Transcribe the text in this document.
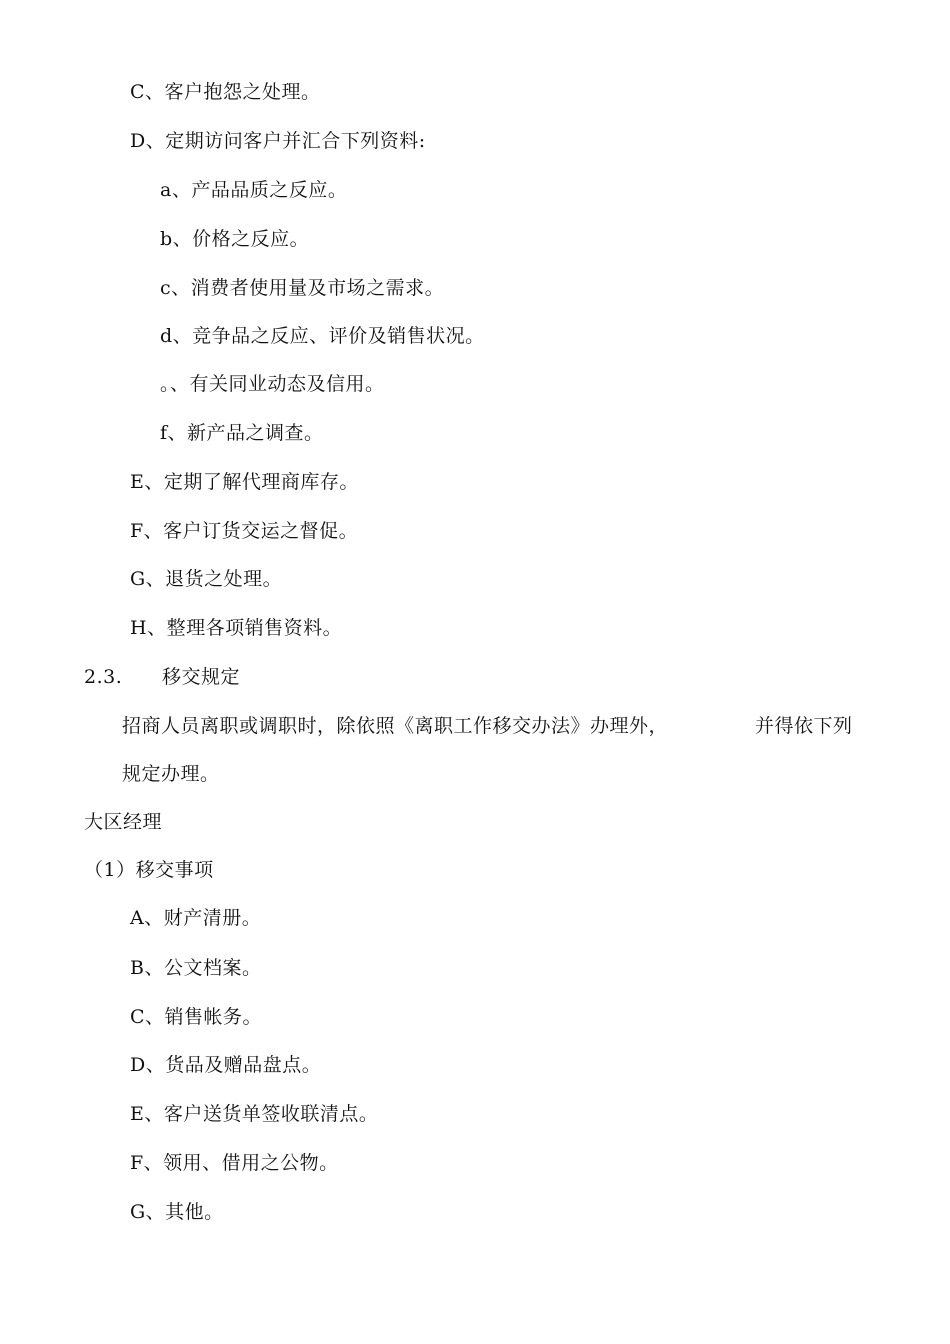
C、客户抱怨之处理。
D、定期访问客户并汇合下列资料:
a、产品品质之反应。
b、价格之反应。
c、消费者使用量及市场之需求。
d、竞争品之反应、评价及销售状况。
。、有关同业动态及信用。
f、新产品之调查。
E、定期了解代理商库存。
F、客户订货交运之督促。
G、退货之处理。
H、整理各项销售资料。
2.3. 移交规定
招商人员离职或调职时，除依照《离职工作移交办法》办理外，	并得依下列
规定办理。
大区经理
（1）移交事项
A、财产清册。
B、公文档案。
C、销售帐务。
D、货品及赠品盘点。
E、客户送货单签收联清点。
F、领用、借用之公物。
G、其他。
